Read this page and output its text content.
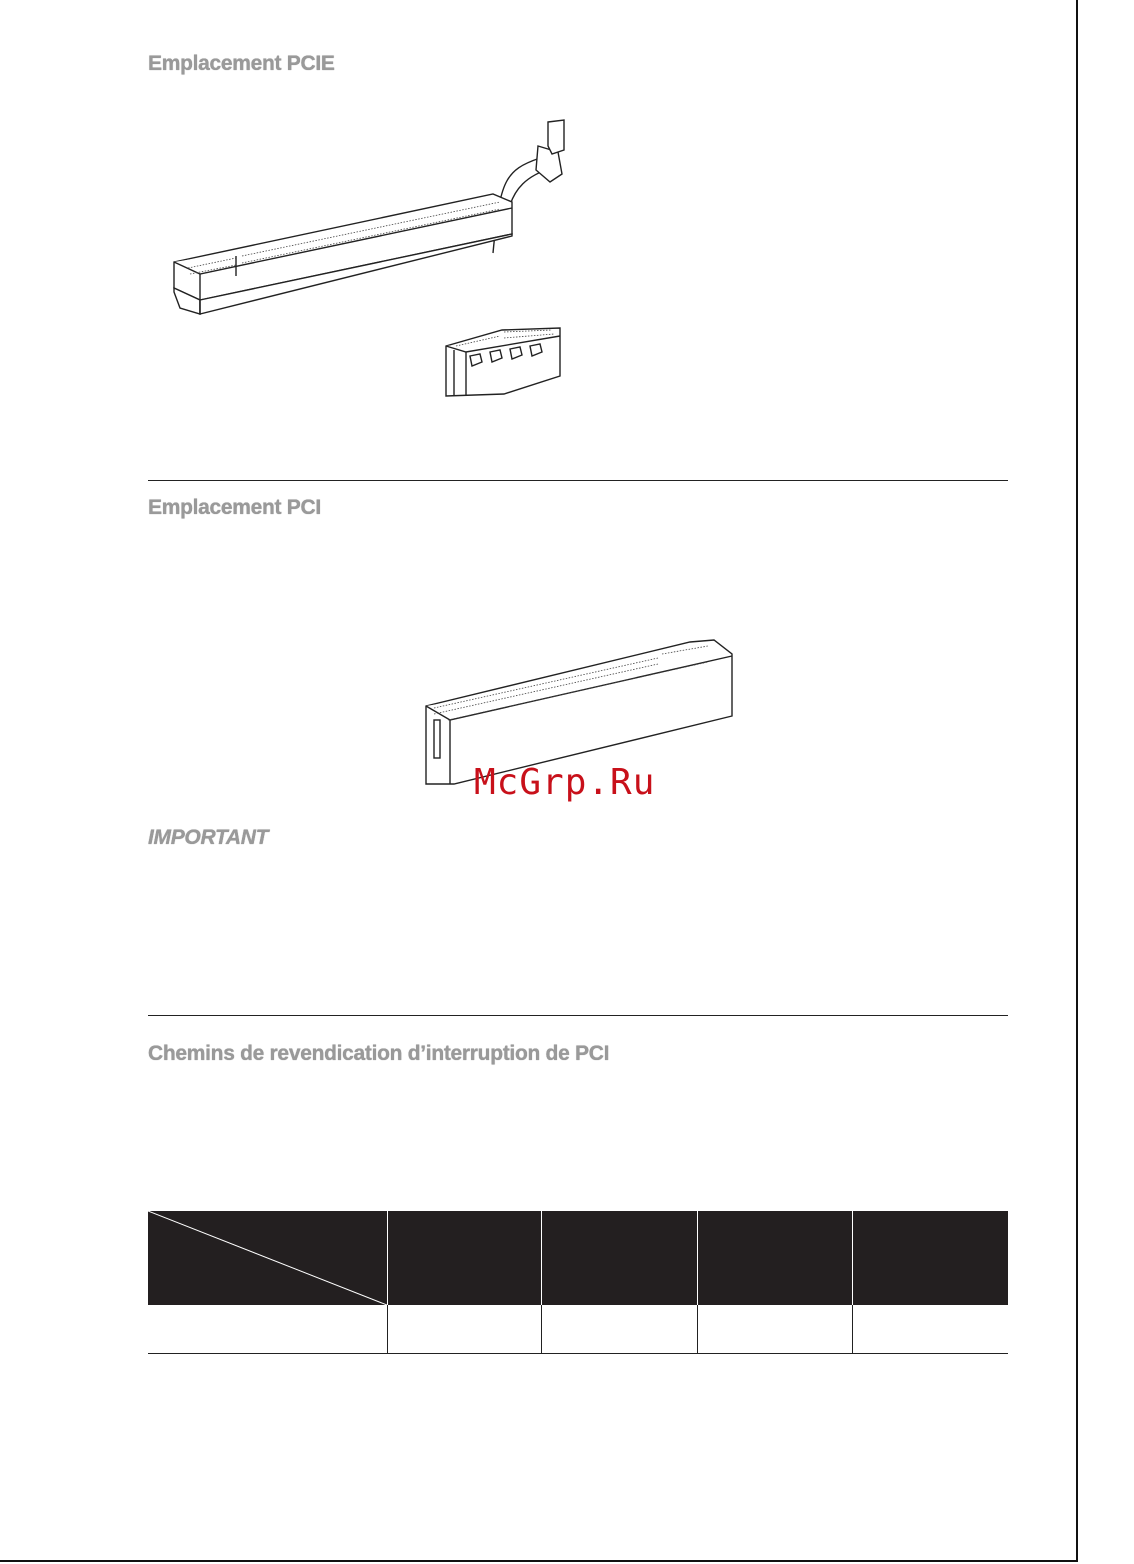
Emplacement PCIE
Emplacement PCI
McGrp.Ru
IMPORTANT
Chemins de revendication d’interruption de PCI
